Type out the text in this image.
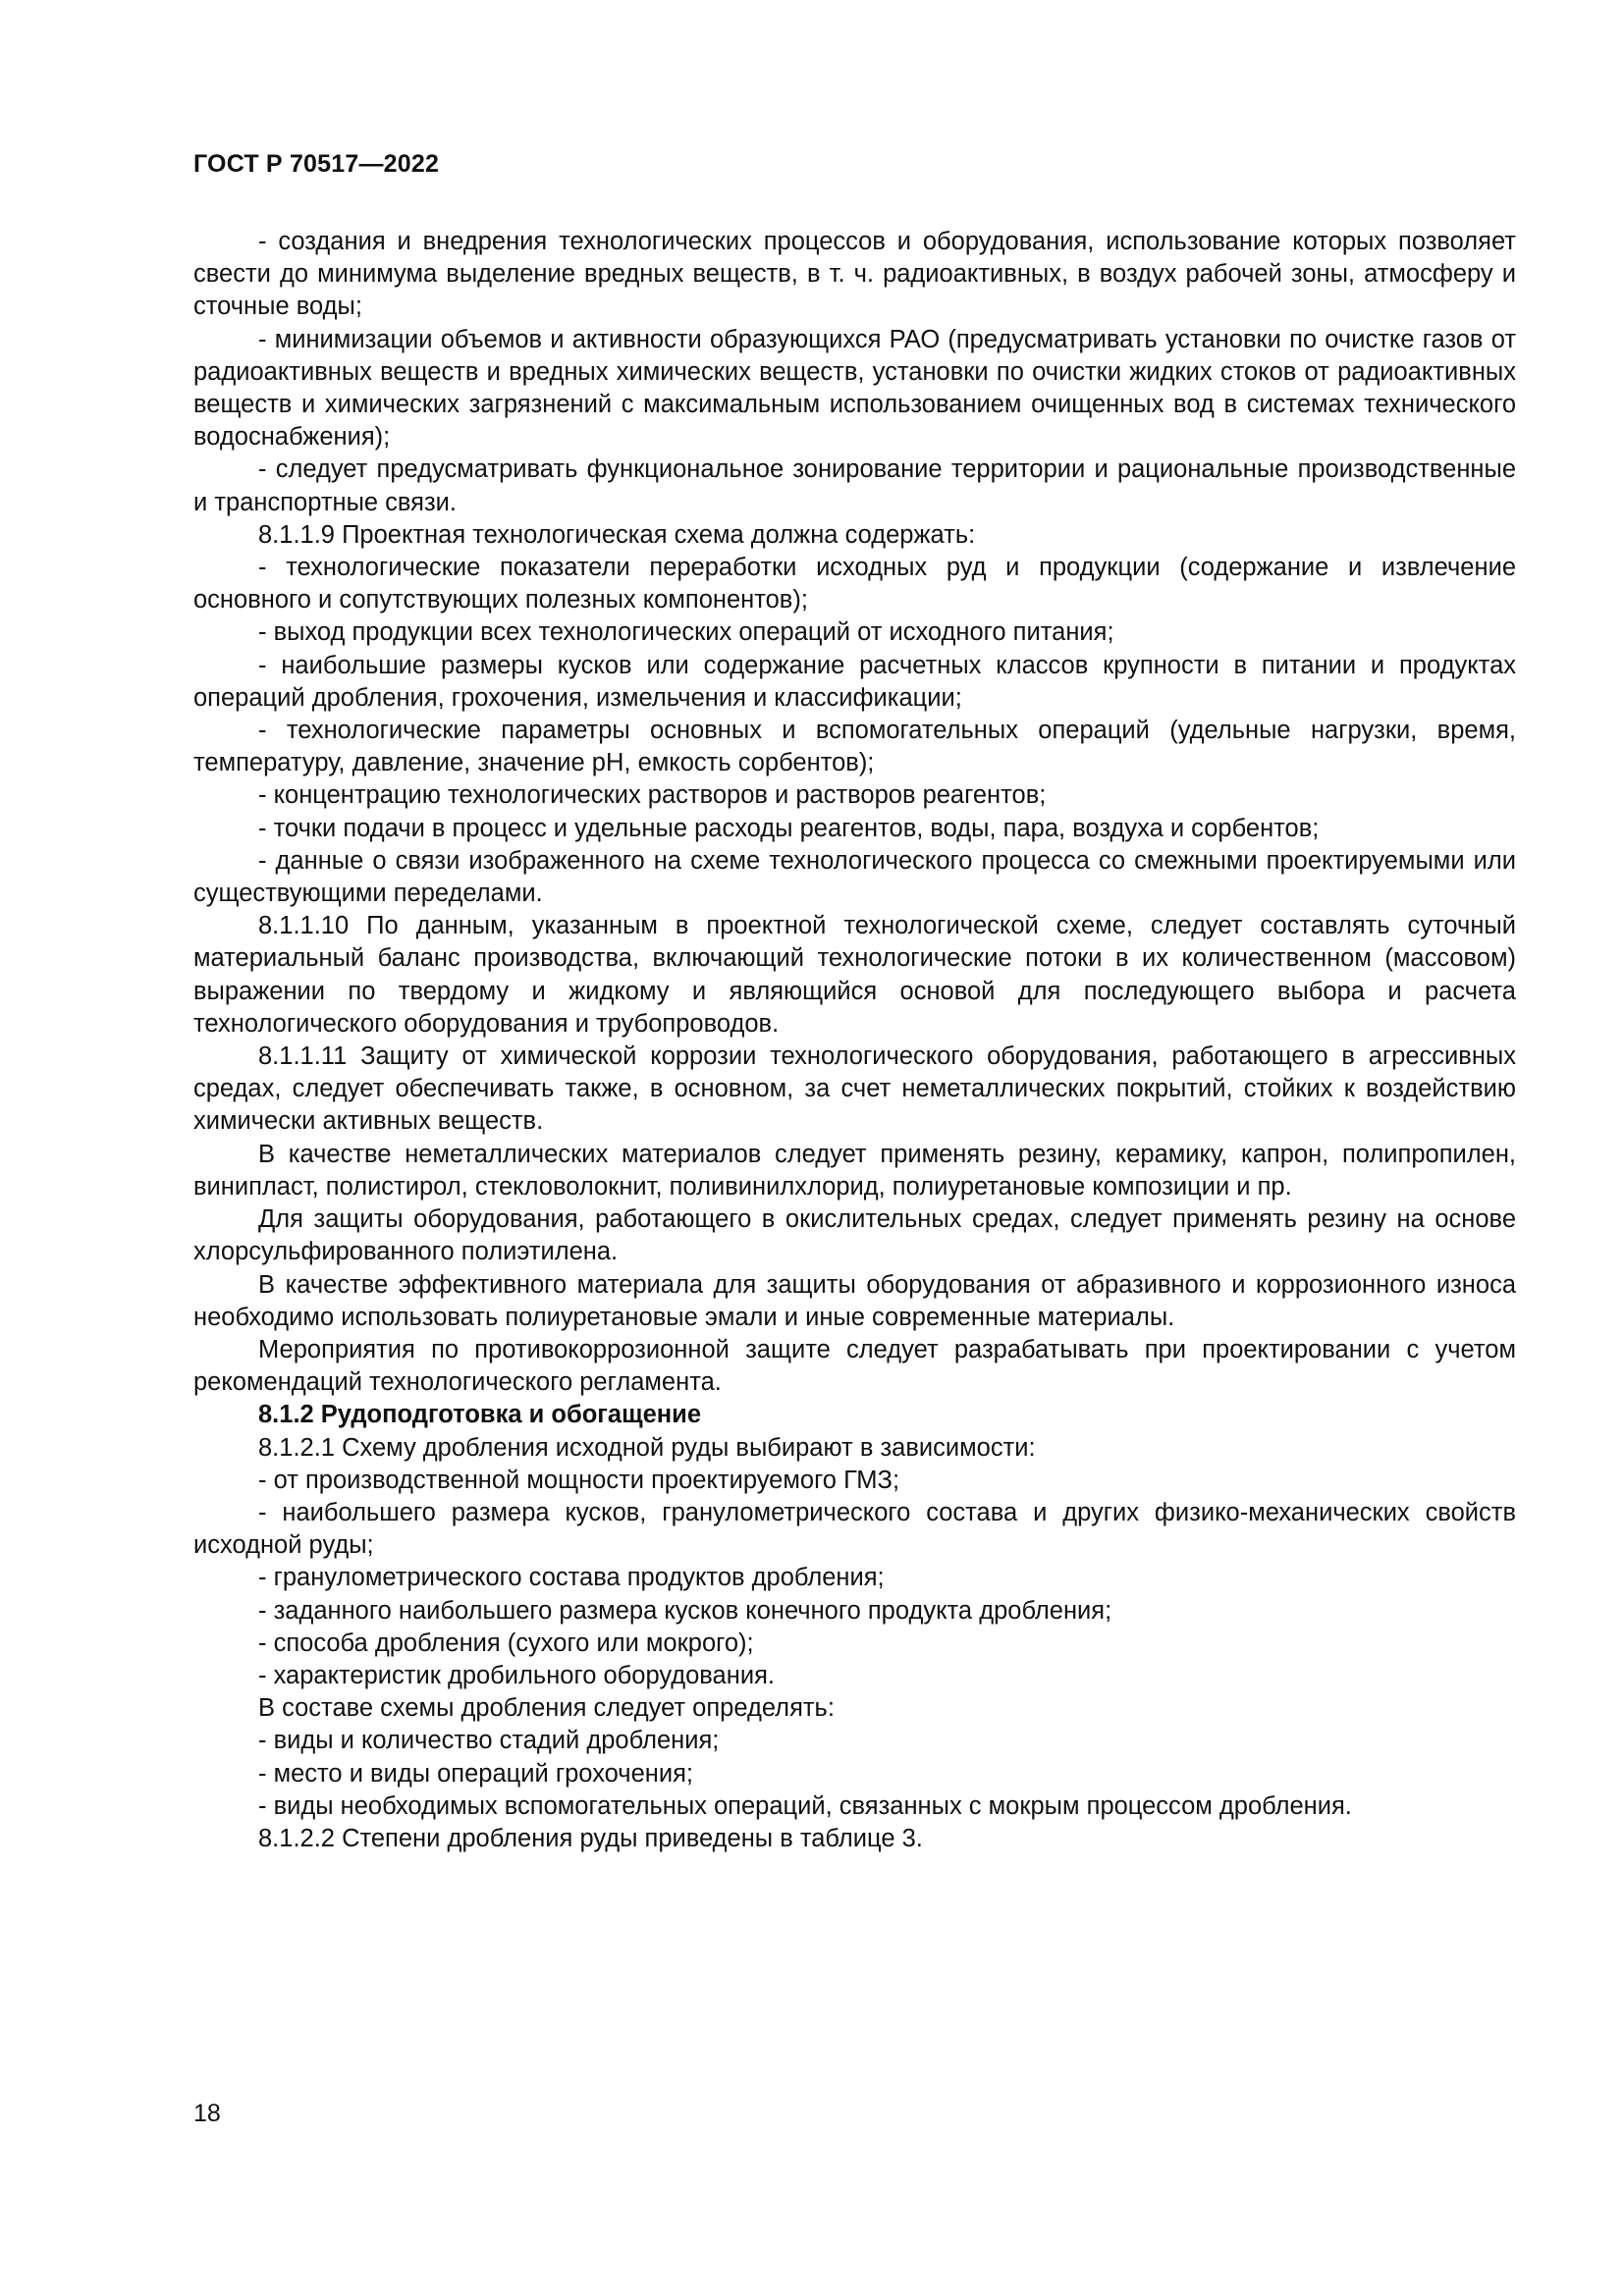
ГОСТ Р 70517—2022

- создания и внедрения технологических процессов и оборудования, использование которых позволяет свести до минимума выделение вредных веществ, в т. ч. радиоактивных, в воздух рабочей зоны, атмосферу и сточные воды;

- минимизации объемов и активности образующихся РАО (предусматривать установки по очистке газов от радиоактивных веществ и вредных химических веществ, установки по очистки жидких стоков от радиоактивных веществ и химических загрязнений с максимальным использованием очищенных вод в системах технического водоснабжения);

- следует предусматривать функциональное зонирование территории и рациональные производственные и транспортные связи.

8.1.1.9 Проектная технологическая схема должна содержать:

- технологические показатели переработки исходных руд и продукции (содержание и извлечение основного и сопутствующих полезных компонентов);

- выход продукции всех технологических операций от исходного питания;

- наибольшие размеры кусков или содержание расчетных классов крупности в питании и продуктах операций дробления, грохочения, измельчения и классификации;

- технологические параметры основных и вспомогательных операций (удельные нагрузки, время, температуру, давление, значение pH, емкость сорбентов);

- концентрацию технологических растворов и растворов реагентов;

- точки подачи в процесс и удельные расходы реагентов, воды, пара, воздуха и сорбентов;

- данные о связи изображенного на схеме технологического процесса со смежными проектируемыми или существующими переделами.

8.1.1.10 По данным, указанным в проектной технологической схеме, следует составлять суточный материальный баланс производства, включающий технологические потоки в их количественном (массовом) выражении по твердому и жидкому и являющийся основой для последующего выбора и расчета технологического оборудования и трубопроводов.

8.1.1.11 Защиту от химической коррозии технологического оборудования, работающего в агрессивных средах, следует обеспечивать также, в основном, за счет неметаллических покрытий, стойких к воздействию химически активных веществ.

В качестве неметаллических материалов следует применять резину, керамику, капрон, полипропилен, винипласт, полистирол, стекловолокнит, поливинилхлорид, полиуретановые композиции и пр.

Для защиты оборудования, работающего в окислительных средах, следует применять резину на основе хлорсульфированного полиэтилена.

В качестве эффективного материала для защиты оборудования от абразивного и коррозионного износа необходимо использовать полиуретановые эмали и иные современные материалы.

Мероприятия по противокоррозионной защите следует разрабатывать при проектировании с учетом рекомендаций технологического регламента.

8.1.2 Рудоподготовка и обогащение

8.1.2.1 Схему дробления исходной руды выбирают в зависимости:

- от производственной мощности проектируемого ГМЗ;

- наибольшего размера кусков, гранулометрического состава и других физико-механических свойств исходной руды;

- гранулометрического состава продуктов дробления;

- заданного наибольшего размера кусков конечного продукта дробления;

- способа дробления (сухого или мокрого);

- характеристик дробильного оборудования.

В составе схемы дробления следует определять:

- виды и количество стадий дробления;

- место и виды операций грохочения;

- виды необходимых вспомогательных операций, связанных с мокрым процессом дробления.

8.1.2.2 Степени дробления руды приведены в таблице 3.

18
